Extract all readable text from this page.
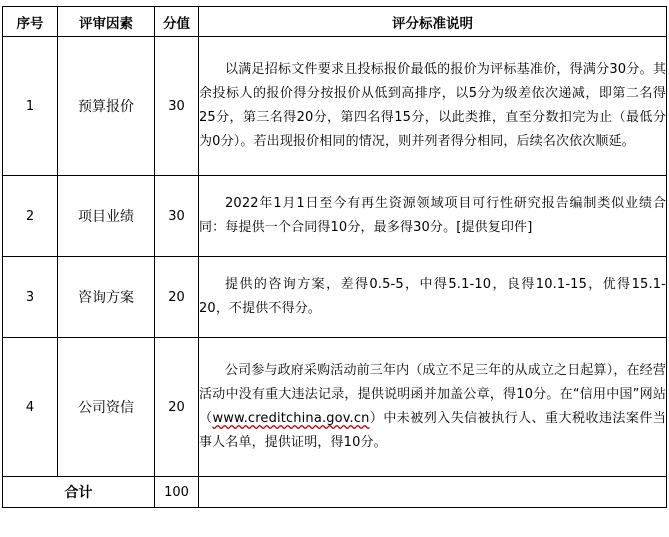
序号	评审因素	分值	评分标准说明
1	预算报价	30	以满足招标文件要求且投标报价最低的报价为评标基准价，得满分30分。其余投标人的报价得分按报价从低到高排序，以5分为级差依次递减，即第二名得25分，第三名得20分，第四名得15分，以此类推，直至分数扣完为止（最低分为0分）。若出现报价相同的情况，则并列者得分相同，后续名次依次顺延。

2	项目业绩	30	2022年1月1日至今有再生资源领域项目可行性研究报告编制类似业绩合同：每提供一个合同得10分，最多得30分。[提供复印件]

3	咨询方案	20	提供的咨询方案，差得0.5-5，中得5.1-10，良得10.1-15，优得15.1-20，不提供不得分。

4	公司资信	20	公司参与政府采购活动前三年内（成立不足三年的从成立之日起算），在经营活动中没有重大违法记录，提供说明函并加盖公章，得10分。在“信用中国”网站（www.creditchina.gov.cn）中未被列入失信被执行人、重大税收违法案件当事人名单，提供证明，得10分。

合计		100	
